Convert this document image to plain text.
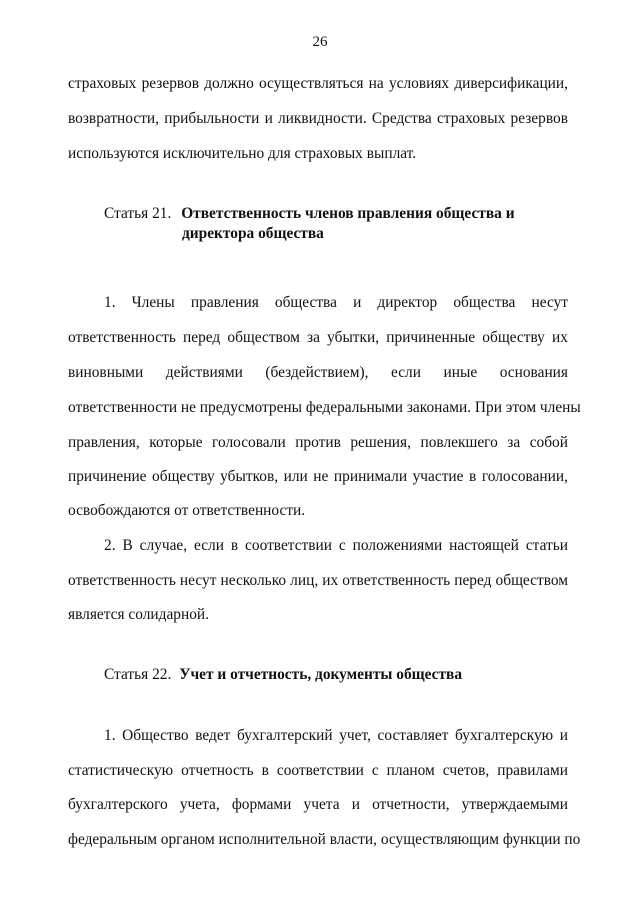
26
страховых резервов должно осуществляться на условиях диверсификации,
возвратности, прибыльности и ликвидности. Средства страховых резервов
используются исключительно для страховых выплат.
Статья 21. Ответственность членов правления общества и
директора общества
1. Члены правления общества и директор общества несут
ответственность перед обществом за убытки, причиненные обществу их
виновными действиями (бездействием), если иные основания
ответственности не предусмотрены федеральными законами. При этом члены
правления, которые голосовали против решения, повлекшего за собой
причинение обществу убытков, или не принимали участие в голосовании,
освобождаются от ответственности.
2. В случае, если в соответствии с положениями настоящей статьи
ответственность несут несколько лиц, их ответственность перед обществом
является солидарной.
Статья 22. Учет и отчетность, документы общества
1. Общество ведет бухгалтерский учет, составляет бухгалтерскую и
статистическую отчетность в соответствии с планом счетов, правилами
бухгалтерского учета, формами учета и отчетности, утверждаемыми
федеральным органом исполнительной власти, осуществляющим функции по
